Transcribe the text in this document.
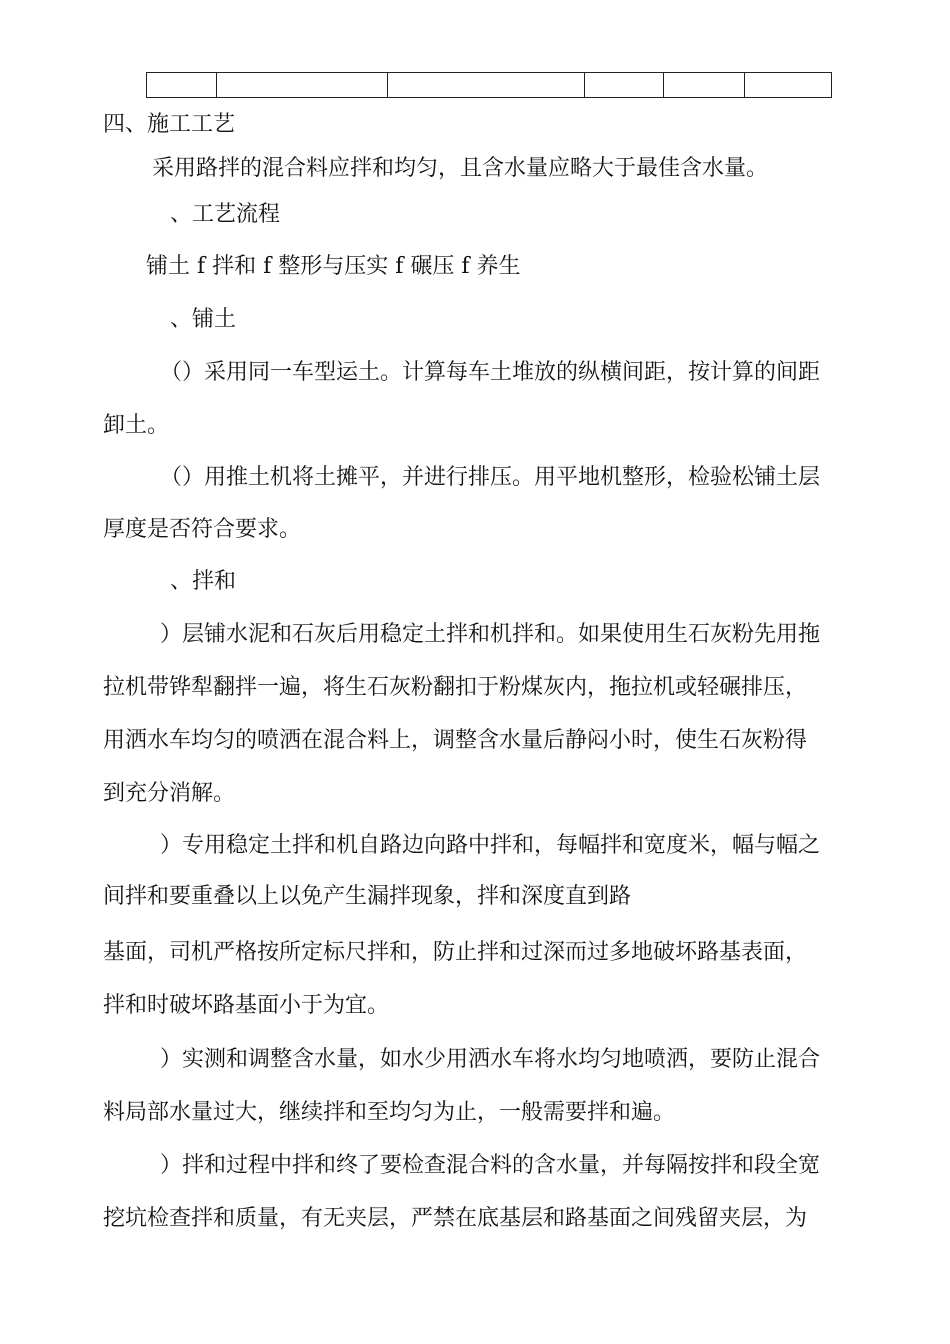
四、施工工艺

采用路拌的混合料应拌和均匀，且含水量应略大于最佳含水量。

、工艺流程

铺土 f 拌和 f 整形与压实 f 碾压 f 养生

、铺土

（）采用同一车型运土。计算每车土堆放的纵横间距，按计算的间距

卸土。

（）用推土机将土摊平，并进行排压。用平地机整形，检验松铺土层

厚度是否符合要求。

、拌和

）层铺水泥和石灰后用稳定土拌和机拌和。如果使用生石灰粉先用拖

拉机带铧犁翻拌一遍，将生石灰粉翻扣于粉煤灰内，拖拉机或轻碾排压，

用洒水车均匀的喷洒在混合料上，调整含水量后静闷小时，使生石灰粉得

到充分消解。

）专用稳定土拌和机自路边向路中拌和，每幅拌和宽度米，幅与幅之

间拌和要重叠以上以免产生漏拌现象，拌和深度直到路

基面，司机严格按所定标尺拌和，防止拌和过深而过多地破坏路基表面，

拌和时破坏路基面小于为宜。

）实测和调整含水量，如水少用洒水车将水均匀地喷洒，要防止混合

料局部水量过大，继续拌和至均匀为止，一般需要拌和遍。

）拌和过程中拌和终了要检查混合料的含水量，并每隔按拌和段全宽

挖坑检查拌和质量，有无夹层，严禁在底基层和路基面之间残留夹层，为
